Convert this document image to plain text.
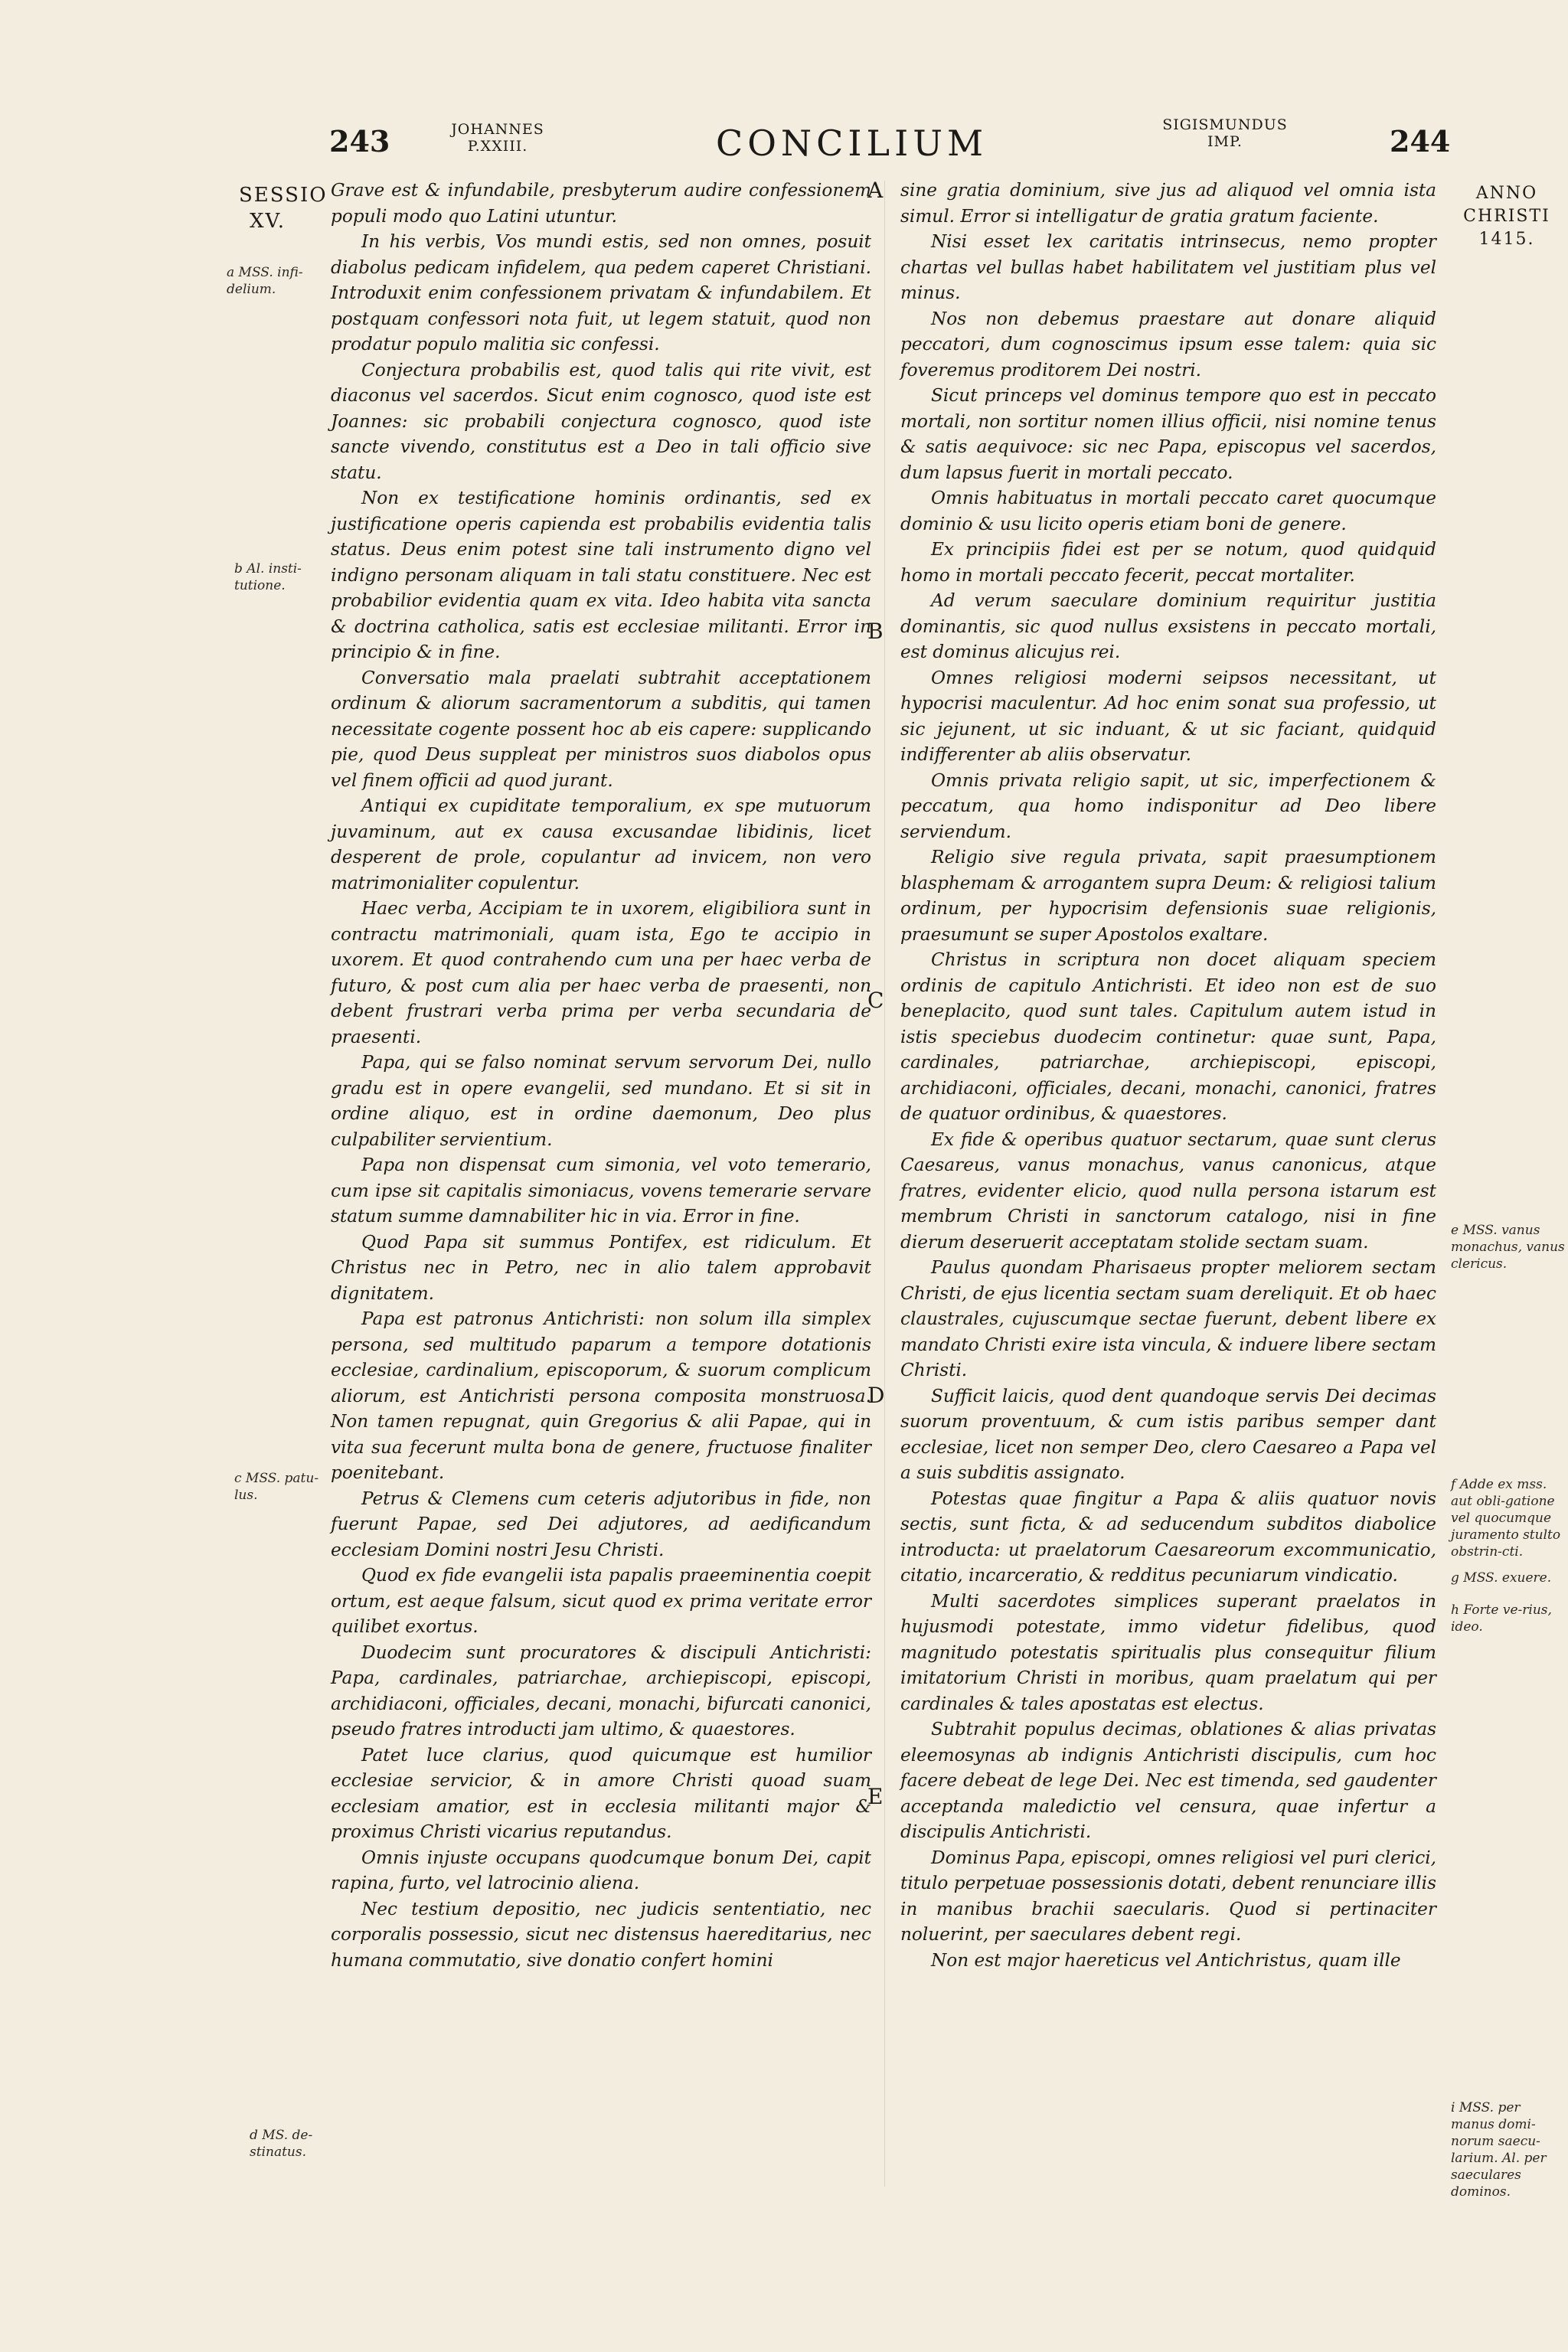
243	JOHANNES
P.XXIII.	CONCILIUM	SIGISMUNDUS
IMP.	244
SESSIO
XV.
ANNO
CHRISTI
1415.
a MSS. infi-delium.
b Al. insti-tutione.
c MSS. patu-lus.
d MS. de-stinatus.
e MSS. vanus monachus, vanus clericus.
f Adde ex mss. aut obli-gatione vel quocumque juramento stulto obstrin-cti.
g MSS. exuere.
h Forte ve-rius, ideo.
i MSS. per manus domi-norum saecu-larium. Al. per saeculares dominos.
A
B
C
D
E

Grave est & infundabile, presbyterum audire confessionem populi modo quo Latini utuntur.

In his verbis, Vos mundi estis, sed non omnes, posuit diabolus pedicam infidelem, qua pedem caperet Christiani. Introduxit enim confessionem privatam & infundabilem. Et postquam confessori nota fuit, ut legem statuit, quod non prodatur populo malitia sic confessi.

Conjectura probabilis est, quod talis qui rite vivit, est diaconus vel sacerdos. Sicut enim cognosco, quod iste est Joannes: sic probabili conjectura cognosco, quod iste sancte vivendo, constitutus est a Deo in tali officio sive statu.

Non ex testificatione hominis ordinantis, sed ex justificatione operis capienda est probabilis evidentia talis status. Deus enim potest sine tali instrumento digno vel indigno personam aliquam in tali statu constituere. Nec est probabilior evidentia quam ex vita. Ideo habita vita sancta & doctrina catholica, satis est ecclesiae militanti. Error in principio & in fine.

Conversatio mala praelati subtrahit acceptationem ordinum & aliorum sacramentorum a subditis, qui tamen necessitate cogente possent hoc ab eis capere: supplicando pie, quod Deus suppleat per ministros suos diabolos opus vel finem officii ad quod jurant.

Antiqui ex cupiditate temporalium, ex spe mutuorum juvaminum, aut ex causa excusandae libidinis, licet desperent de prole, copulantur ad invicem, non vero matrimonialiter copulentur.

Haec verba, Accipiam te in uxorem, eligibiliora sunt in contractu matrimoniali, quam ista, Ego te accipio in uxorem. Et quod contrahendo cum una per haec verba de futuro, & post cum alia per haec verba de praesenti, non debent frustrari verba prima per verba secundaria de praesenti.

Papa, qui se falso nominat servum servorum Dei, nullo gradu est in opere evangelii, sed mundano. Et si sit in ordine aliquo, est in ordine daemonum, Deo plus culpabiliter servientium.

Papa non dispensat cum simonia, vel voto temerario, cum ipse sit capitalis simoniacus, vovens temerarie servare statum summe damnabiliter hic in via. Error in fine.

Quod Papa sit summus Pontifex, est ridiculum. Et Christus nec in Petro, nec in alio talem approbavit dignitatem.

Papa est patronus Antichristi: non solum illa simplex persona, sed multitudo paparum a tempore dotationis ecclesiae, cardinalium, episcoporum, & suorum complicum aliorum, est Antichristi persona composita monstruosa. Non tamen repugnat, quin Gregorius & alii Papae, qui in vita sua fecerunt multa bona de genere, fructuose finaliter poenitebant.

Petrus & Clemens cum ceteris adjutoribus in fide, non fuerunt Papae, sed Dei adjutores, ad aedificandum ecclesiam Domini nostri Jesu Christi.

Quod ex fide evangelii ista papalis praeeminentia coepit ortum, est aeque falsum, sicut quod ex prima veritate error quilibet exortus.

Duodecim sunt procuratores & discipuli Antichristi: Papa, cardinales, patriarchae, archiepiscopi, episcopi, archidiaconi, officiales, decani, monachi, bifurcati canonici, pseudo fratres introducti jam ultimo, & quaestores.

Patet luce clarius, quod quicumque est humilior ecclesiae servicior, & in amore Christi quoad suam ecclesiam amatior, est in ecclesia militanti major & proximus Christi vicarius reputandus.

Omnis injuste occupans quodcumque bonum Dei, capit rapina, furto, vel latrocinio aliena.

Nec testium depositio, nec judicis sententiatio, nec corporalis possessio, sicut nec distensus haereditarius, nec humana commutatio, sive donatio confert homini

sine gratia dominium, sive jus ad aliquod vel omnia ista simul. Error si intelligatur de gratia gratum faciente.

Nisi esset lex caritatis intrinsecus, nemo propter chartas vel bullas habet habilitatem vel justitiam plus vel minus.

Nos non debemus praestare aut donare aliquid peccatori, dum cognoscimus ipsum esse talem: quia sic foveremus proditorem Dei nostri.

Sicut princeps vel dominus tempore quo est in peccato mortali, non sortitur nomen illius officii, nisi nomine tenus & satis aequivoce: sic nec Papa, episcopus vel sacerdos, dum lapsus fuerit in mortali peccato.

Omnis habituatus in mortali peccato caret quocumque dominio & usu licito operis etiam boni de genere.

Ex principiis fidei est per se notum, quod quidquid homo in mortali peccato fecerit, peccat mortaliter.

Ad verum saeculare dominium requiritur justitia dominantis, sic quod nullus exsistens in peccato mortali, est dominus alicujus rei.

Omnes religiosi moderni seipsos necessitant, ut hypocrisi maculentur. Ad hoc enim sonat sua professio, ut sic jejunent, ut sic induant, & ut sic faciant, quidquid indifferenter ab aliis observatur.

Omnis privata religio sapit, ut sic, imperfectionem & peccatum, qua homo indisponitur ad Deo libere serviendum.

Religio sive regula privata, sapit praesumptionem blasphemam & arrogantem supra Deum: & religiosi talium ordinum, per hypocrisim defensionis suae religionis, praesumunt se super Apostolos exaltare.

Christus in scriptura non docet aliquam speciem ordinis de capitulo Antichristi. Et ideo non est de suo beneplacito, quod sunt tales. Capitulum autem istud in istis speciebus duodecim continetur: quae sunt, Papa, cardinales, patriarchae, archiepiscopi, episcopi, archidiaconi, officiales, decani, monachi, canonici, fratres de quatuor ordinibus, & quaestores.

Ex fide & operibus quatuor sectarum, quae sunt clerus Caesareus, vanus monachus, vanus canonicus, atque fratres, evidenter elicio, quod nulla persona istarum est membrum Christi in sanctorum catalogo, nisi in fine dierum deseruerit acceptatam stolide sectam suam.

Paulus quondam Pharisaeus propter meliorem sectam Christi, de ejus licentia sectam suam dereliquit. Et ob haec claustrales, cujuscumque sectae fuerunt, debent libere ex mandato Christi exire ista vincula, & induere libere sectam Christi.

Sufficit laicis, quod dent quandoque servis Dei decimas suorum proventuum, & cum istis paribus semper dant ecclesiae, licet non semper Deo, clero Caesareo a Papa vel a suis subditis assignato.

Potestas quae fingitur a Papa & aliis quatuor novis sectis, sunt ficta, & ad seducendum subditos diabolice introducta: ut praelatorum Caesareorum excommunicatio, citatio, incarceratio, & redditus pecuniarum vindicatio.

Multi sacerdotes simplices superant praelatos in hujusmodi potestate, immo videtur fidelibus, quod magnitudo potestatis spiritualis plus consequitur filium imitatorium Christi in moribus, quam praelatum qui per cardinales & tales apostatas est electus.

Subtrahit populus decimas, oblationes & alias privatas eleemosynas ab indignis Antichristi discipulis, cum hoc facere debeat de lege Dei. Nec est timenda, sed gaudenter acceptanda maledictio vel censura, quae infertur a discipulis Antichristi.

Dominus Papa, episcopi, omnes religiosi vel puri clerici, titulo perpetuae possessionis dotati, debent renunciare illis in manibus brachii saecularis. Quod si pertinaciter noluerint, per saeculares debent regi.

Non est major haereticus vel Antichristus, quam ille
